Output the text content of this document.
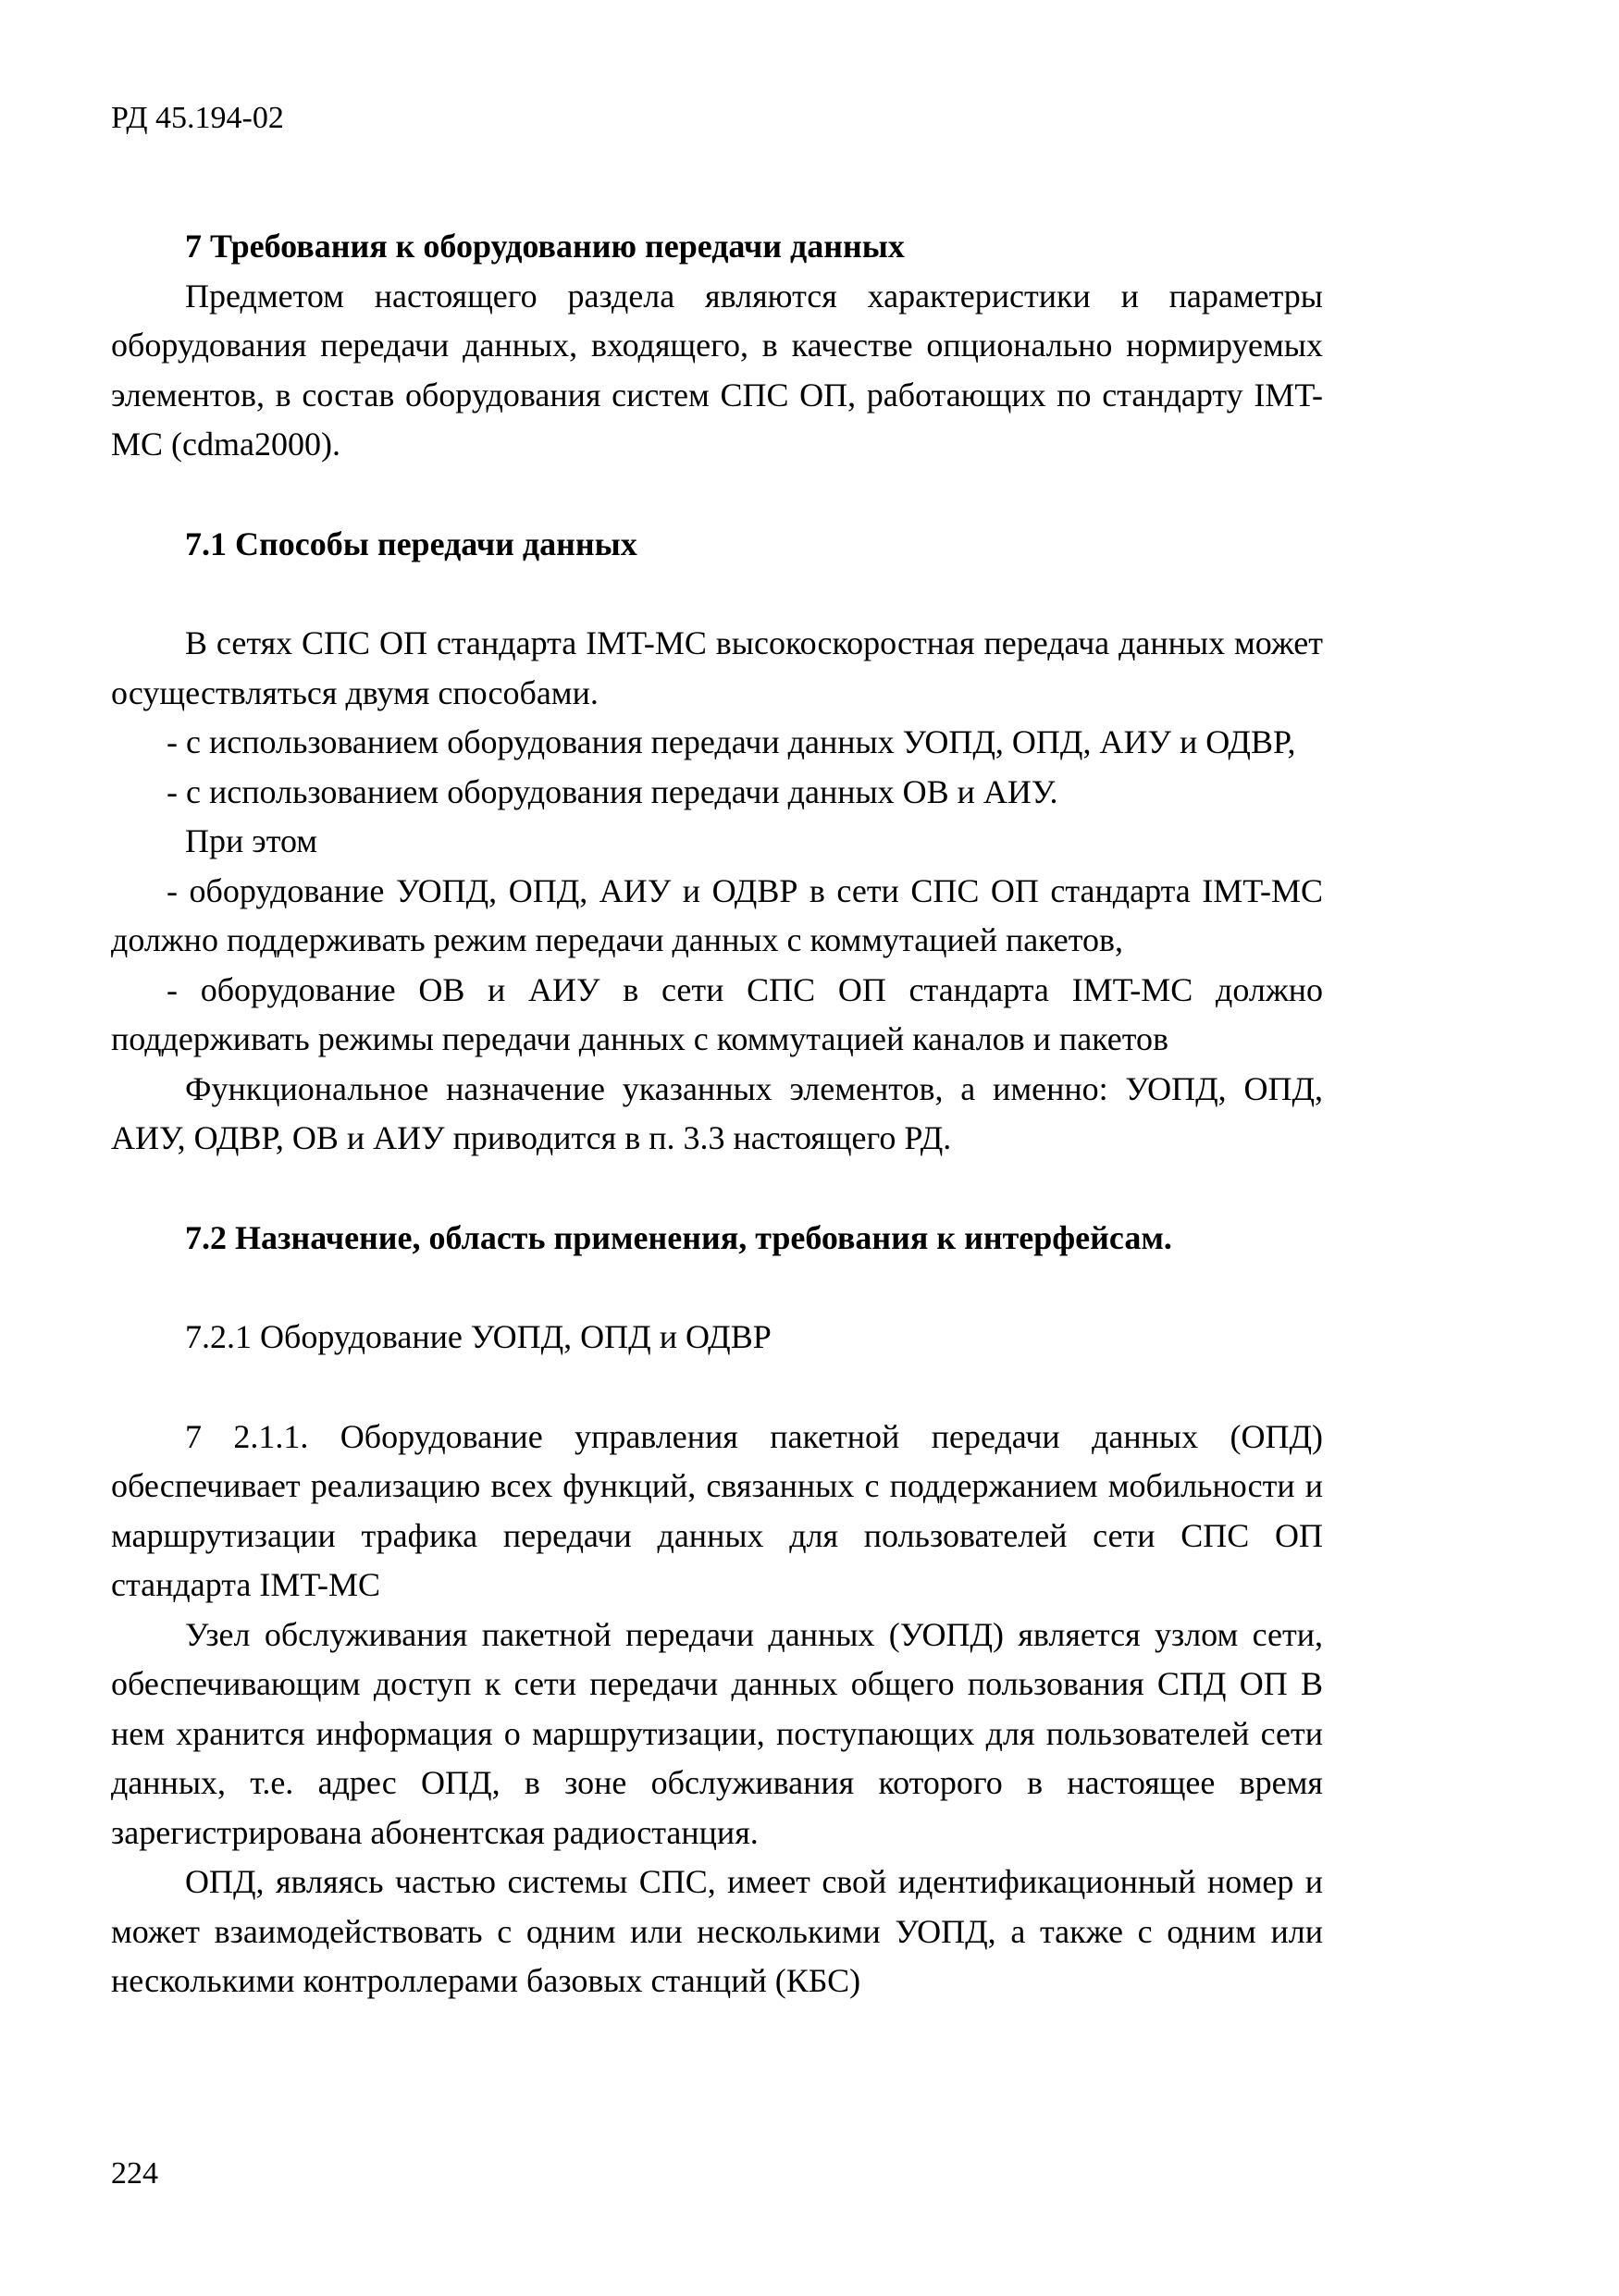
РД 45.194-02

7 Требования к оборудованию передачи данных

Предметом настоящего раздела являются характеристики и параметры оборудования передачи данных, входящего, в качестве опционально нормируемых элементов, в состав оборудования систем СПС ОП, работающих по стандарту IMT-MC (cdma2000).

7.1 Способы передачи данных

В сетях СПС ОП стандарта IMT-MC высокоскоростная передача данных может осуществляться двумя способами.

- с использованием оборудования передачи данных УОПД, ОПД, АИУ и ОДВР,

- с использованием оборудования передачи данных ОВ и АИУ.

При этом

- оборудование УОПД, ОПД, АИУ и ОДВР в сети СПС ОП стандарта IMT-MC должно поддерживать режим передачи данных с коммутацией пакетов,

- оборудование ОВ и АИУ в сети СПС ОП стандарта IMT-MC должно поддерживать режимы передачи данных с коммутацией каналов и пакетов

Функциональное назначение указанных элементов, а именно: УОПД, ОПД, АИУ, ОДВР, ОВ и АИУ приводится в п. 3.3 настоящего РД.

7.2 Назначение, область применения, требования к интерфейсам.

7.2.1 Оборудование УОПД, ОПД и ОДВР

7 2.1.1. Оборудование управления пакетной передачи данных (ОПД) обеспечивает реализацию всех функций, связанных с поддержанием мобильности и маршрутизации трафика передачи данных для пользователей сети СПС ОП стандарта IMT-MC

Узел обслуживания пакетной передачи данных (УОПД) является узлом сети, обеспечивающим доступ к сети передачи данных общего пользования СПД ОП В нем хранится информация о маршрутизации, поступающих для пользователей сети данных, т.е. адрес ОПД, в зоне обслуживания которого в настоящее время зарегистрирована абонентская радиостанция.

ОПД, являясь частью системы СПС, имеет свой идентификационный номер и может взаимодействовать с одним или несколькими УОПД, а также с одним или несколькими контроллерами базовых станций (КБС)

224
